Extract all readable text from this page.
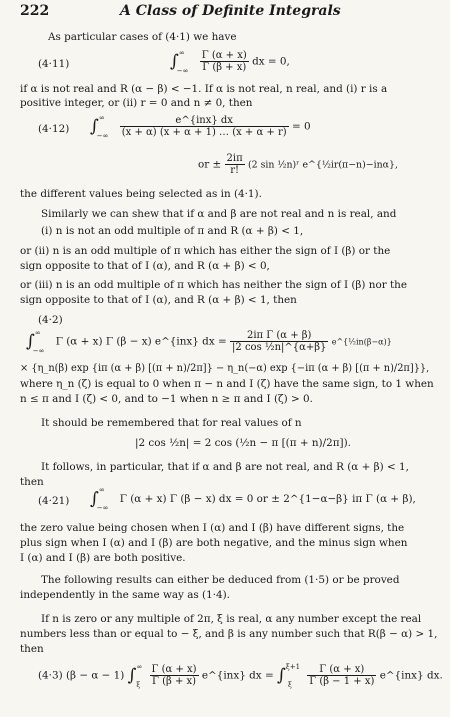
222	A Class of Definite Integrals
As particular cases of (4·1) we have
(4·11)	$\int^\infty_{-\infty} \frac{\Gamma (\alpha + x)}{\Gamma (\beta + x)}$ dx = 0,
if α is not real and R (α − β) < −1. If α is not real, n real, and (i) r is a
positive integer, or (ii) r = 0 and n ≠ 0, then
(4·12) $\int^\infty_{-\infty} \frac{\text{e\textasciicircum{}\{inx\} dx}}{(x + \alpha) (x + \alpha + 1) \dots (x + \alpha + r)} = 0$
or ± $\frac{2i\pi}{r!} (2$ sin ½n)ʳ e^{½ir(π−n)−inα},
the different values being selected as in (4·1).
Similarly we can shew that if α and β are not real and n is real, and
(i) n is not an odd multiple of π and R (α + β) < 1,
or (ii) n is an odd multiple of π which has either the sign of I (β) or the
sign opposite to that of I (α), and R (α + β) < 0,
or (iii) n is an odd multiple of π which has neither the sign of I (β) nor the
sign opposite to that of I (α), and R (α + β) < 1, then
(4·2)
$\int^\infty_{-\infty}$ Γ (α + x) Γ (β − x) e^{inx} dx = $\frac{\text{2iπ Γ (α + β)}}{\text{|2 cos ½n|\textasciicircum{}\{α+β\}}}$ e^{½in(β−α)}
× {η_n(β) exp {iπ (α + β) [(π + n)/2π]} − η_n(−α) exp {−iπ (α + β) [(π + n)/2π]}},
where η_n (ζ) is equal to 0 when π − n and I (ζ) have the same sign, to 1 when
n ≤ π and I (ζ) < 0, and to −1 when n ≥ π and I (ζ) > 0.
It should be remembered that for real values of n
|2 cos ½n| = 2 cos (½n − π [(π + n)/2π]).
It follows, in particular, that if α and β are not real, and R (α + β) < 1,
then
(4·21) $\int^\infty_{-\infty}$ Γ (α + x) Γ (β − x) dx = 0 or ± 2^{1−α−β} iπ Γ (α + β),
the zero value being chosen when I (α) and I (β) have different signs, the
plus sign when I (α) and I (β) are both negative, and the minus sign when
I (α) and I (β) are both positive.
The following results can either be deduced from (1·5) or be proved
independently in the same way as (1·4).
If n is zero or any multiple of 2π, ξ is real, α any number except the real
numbers less than or equal to − ξ, and β is any number such that R(β − α) > 1,
then
(4·3) (β − α − 1) $\int^\infty_\xi \frac{\Gamma (\alpha + x)}{\Gamma (\beta + x)}$ e^{inx} dx = $\int^{\xi+1}_\xi \frac{\Gamma (\alpha + x)}{\Gamma (\beta - 1 + x)}$ e^{inx} dx.
